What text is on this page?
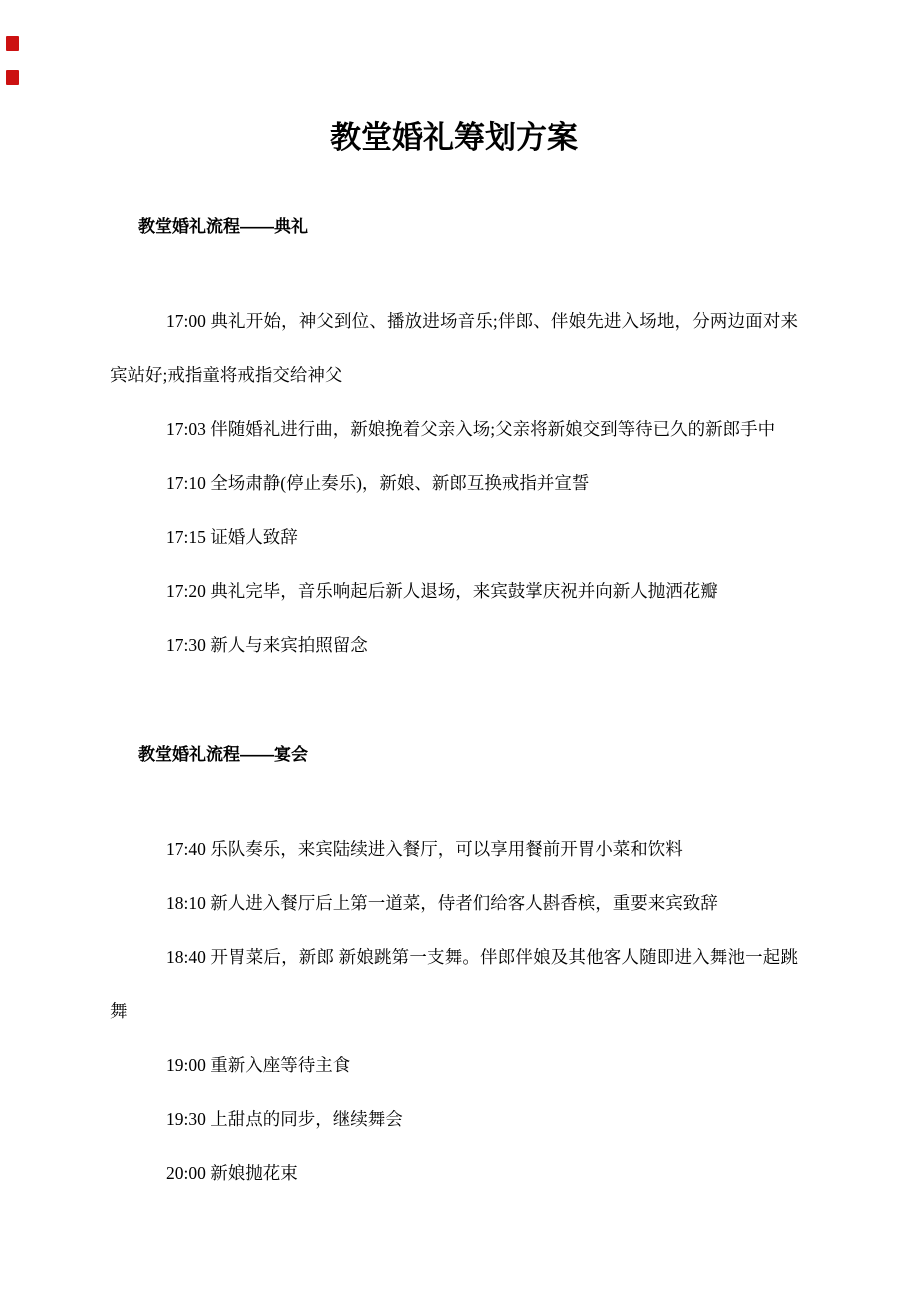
教堂婚礼筹划方案
教堂婚礼流程——典礼

17:00 典礼开始，神父到位、播放进场音乐;伴郎、伴娘先进入场地，分两边面对来宾站好;戒指童将戒指交给神父

17:03 伴随婚礼进行曲，新娘挽着父亲入场;父亲将新娘交到等待已久的新郎手中

17:10 全场肃静(停止奏乐)，新娘、新郎互换戒指并宣誓

17:15 证婚人致辞

17:20 典礼完毕，音乐响起后新人退场，来宾鼓掌庆祝并向新人抛洒花瓣

17:30 新人与来宾拍照留念

教堂婚礼流程——宴会

17:40 乐队奏乐，来宾陆续进入餐厅，可以享用餐前开胃小菜和饮料

18:10 新人进入餐厅后上第一道菜，侍者们给客人斟香槟，重要来宾致辞

18:40 开胃菜后，新郎 新娘跳第一支舞。伴郎伴娘及其他客人随即进入舞池一起跳舞

19:00 重新入座等待主食

19:30 上甜点的同步，继续舞会

20:00 新娘抛花束
